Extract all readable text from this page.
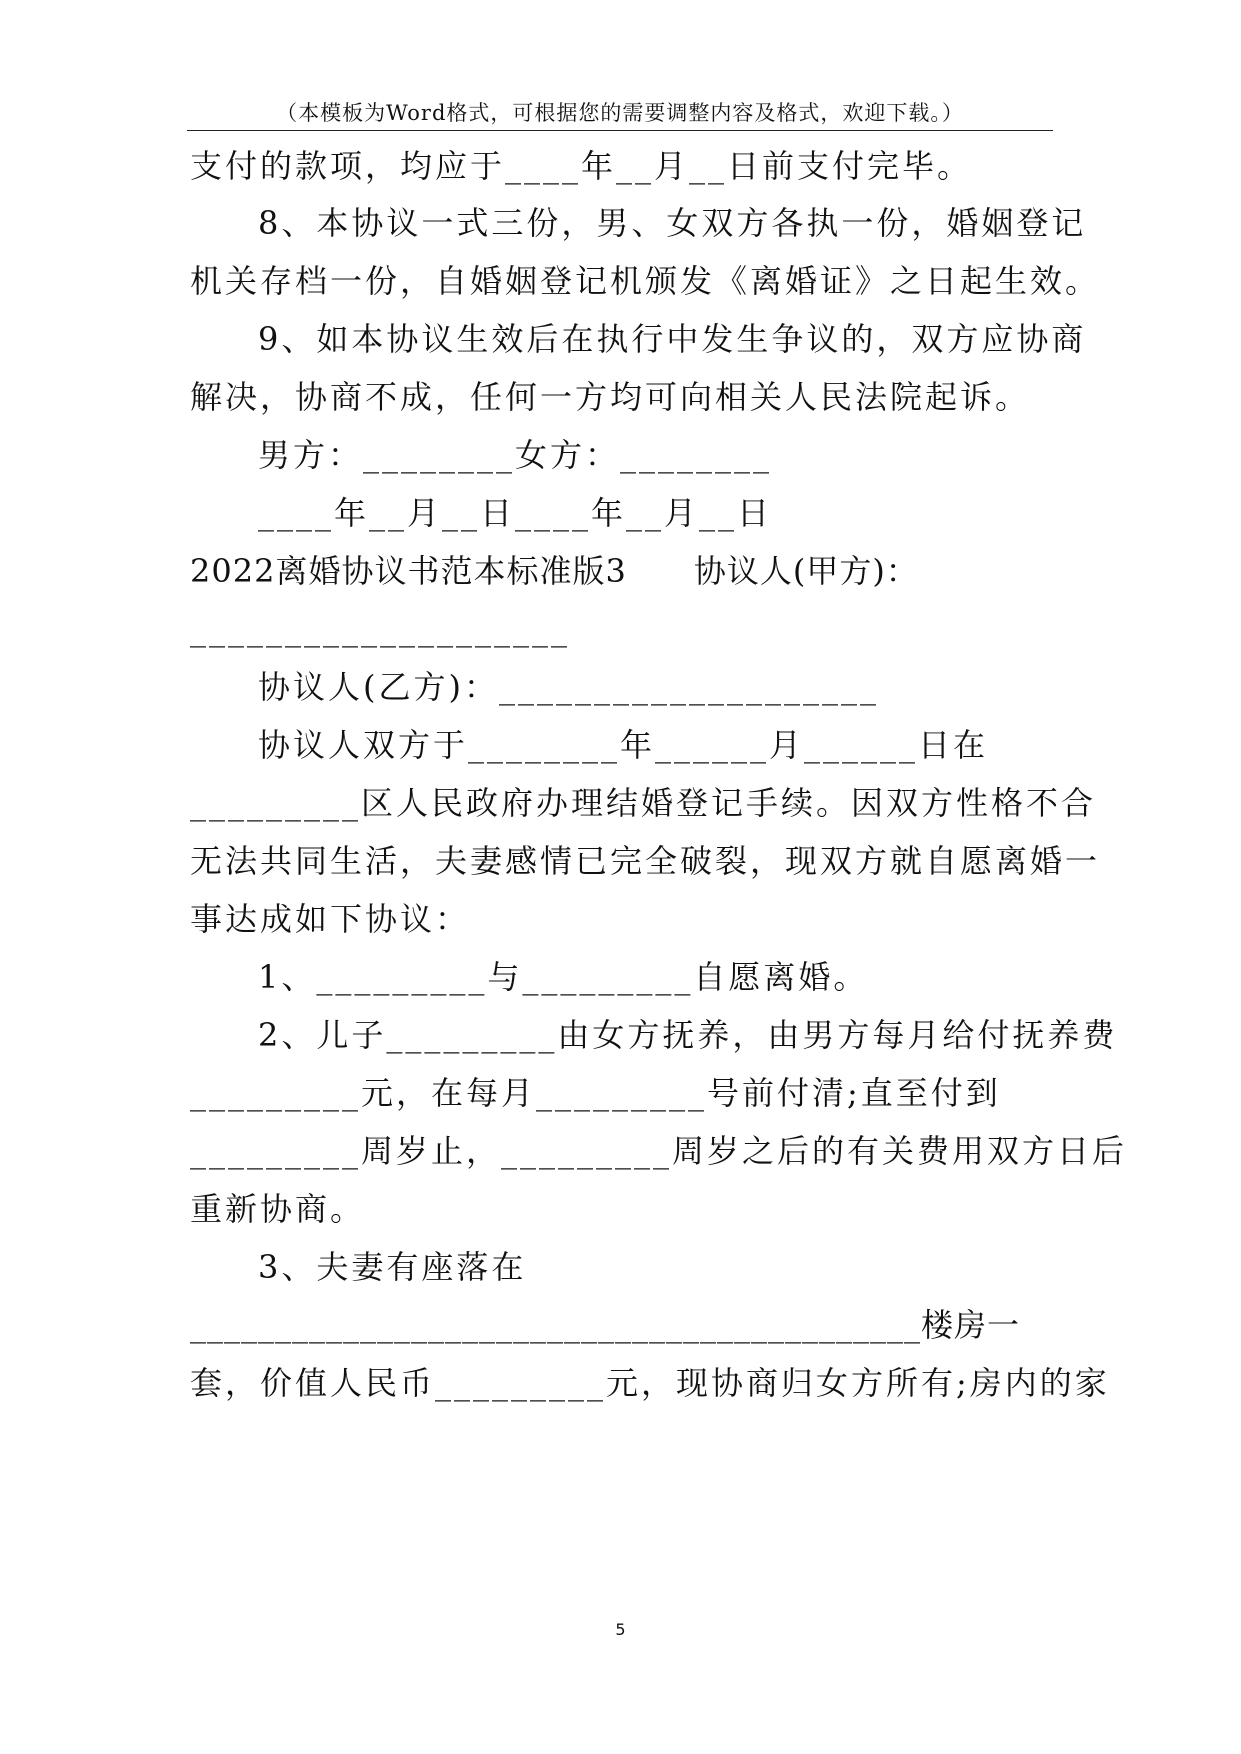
（本模板为Word格式，可根据您的需要调整内容及格式，欢迎下载。）
支付的款项，均应于____年__月__日前支付完毕。
8、本协议一式三份，男、女双方各执一份，婚姻登记
机关存档一份，自婚姻登记机颁发《离婚证》之日起生效。
9、如本协议生效后在执行中发生争议的，双方应协商
解决，协商不成，任何一方均可向相关人民法院起诉。
男方：________女方：________
____年__月__日____年__月__日
2022离婚协议书范本标准版3      协议人(甲方)：
____________________
协议人(乙方)：____________________
协议人双方于________年______月______日在
_________区人民政府办理结婚登记手续。因双方性格不合
无法共同生活，夫妻感情已完全破裂，现双方就自愿离婚一
事达成如下协议：
1、_________与_________自愿离婚。
2、儿子_________由女方抚养，由男方每月给付抚养费
_________元，在每月_________号前付清;直至付到
_________周岁止，_________周岁之后的有关费用双方日后
重新协商。
3、夫妻有座落在
___________________________________________楼房一
套，价值人民币_________元，现协商归女方所有;房内的家
5
